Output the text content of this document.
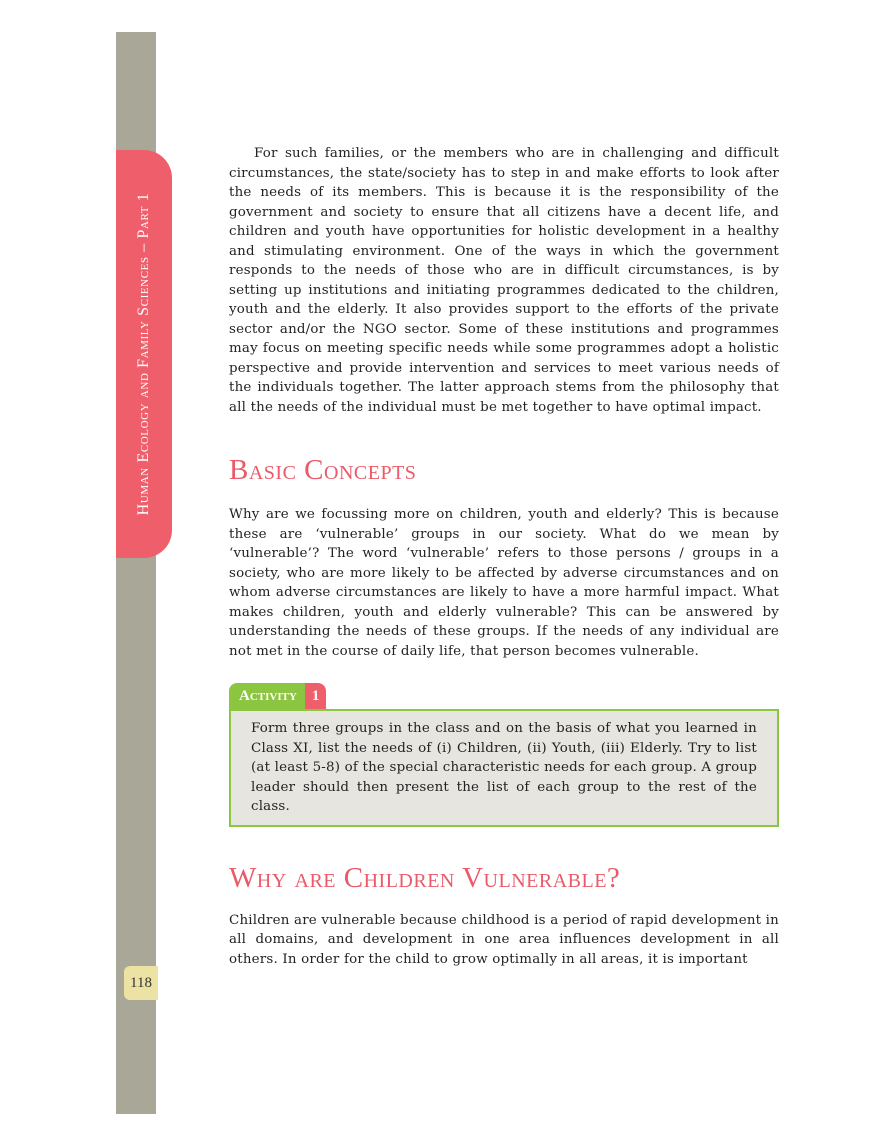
Human Ecology and Family Sciences – Part 1
118

For such families, or the members who are in challenging and difficult circumstances, the state/society has to step in and make efforts to look after the needs of its members. This is because it is the responsibility of the government and society to ensure that all citizens have a decent life, and children and youth have opportunities for holistic development in a healthy and stimulating environment. One of the ways in which the government responds to the needs of those who are in difficult circumstances, is by setting up institutions and initiating programmes dedicated to the children, youth and the elderly. It also provides support to the efforts of the private sector and/or the NGO sector. Some of these institutions and programmes may focus on meeting specific needs while some programmes adopt a holistic perspective and provide intervention and services to meet various needs of the individuals together. The latter approach stems from the philosophy that all the needs of the individual must be met together to have optimal impact.

Basic Concepts

Why are we focussing more on children, youth and elderly? This is because these are ‘vulnerable’ groups in our society. What do we mean by ‘vulnerable’? The word ‘vulnerable’ refers to those persons / groups in a society, who are more likely to be affected by adverse circumstances and on whom adverse circumstances are likely to have a more harmful impact. What makes children, youth and elderly vulnerable? This can be answered by understanding the needs of these groups. If the needs of any individual are not met in the course of daily life, that person becomes vulnerable.

Activity	1

Form three groups in the class and on the basis of what you learned in Class XI, list the needs of (i) Children, (ii) Youth, (iii) Elderly. Try to list (at least 5-8) of the special characteristic needs for each group. A group leader should then present the list of each group to the rest of the class.

Why are Children Vulnerable?

Children are vulnerable because childhood is a period of rapid development in all domains, and development in one area influences development in all others. In order for the child to grow optimally in all areas, it is important
